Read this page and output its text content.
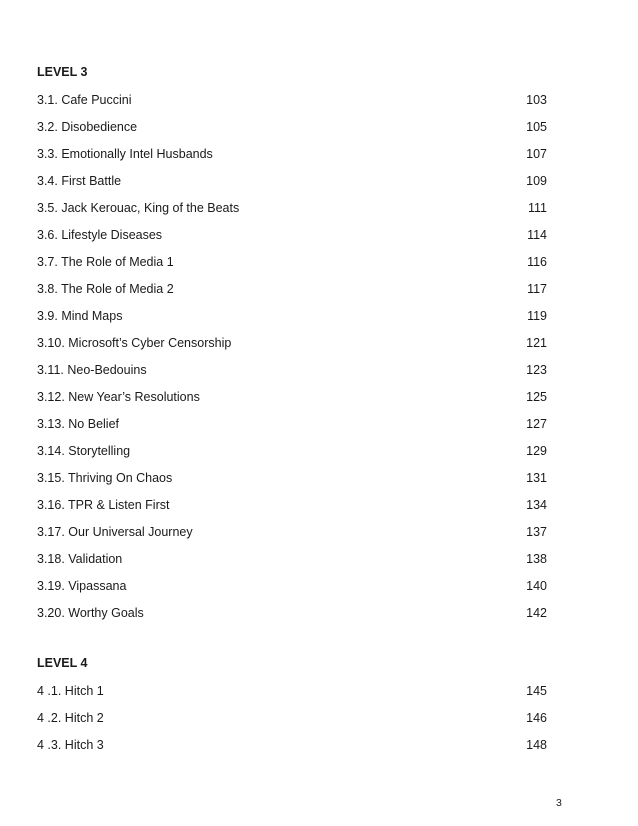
LEVEL 3
3.1. Cafe Puccini	103
3.2. Disobedience	105
3.3. Emotionally Intel Husbands	107
3.4. First Battle	109
3.5. Jack Kerouac, King of the Beats	111
3.6. Lifestyle Diseases	114
3.7. The Role of Media 1	116
3.8. The Role of Media 2	117
3.9. Mind Maps	119
3.10. Microsoft’s Cyber Censorship	121
3.11. Neo-Bedouins	123
3.12. New Year’s Resolutions	125
3.13. No Belief	127
3.14. Storytelling	129
3.15. Thriving On Chaos	131
3.16. TPR & Listen First	134
3.17. Our Universal Journey	137
3.18. Validation	138
3.19. Vipassana	140
3.20. Worthy Goals	142
LEVEL 4
4 .1. Hitch 1	145
4 .2. Hitch 2	146
4 .3. Hitch 3	148
3
